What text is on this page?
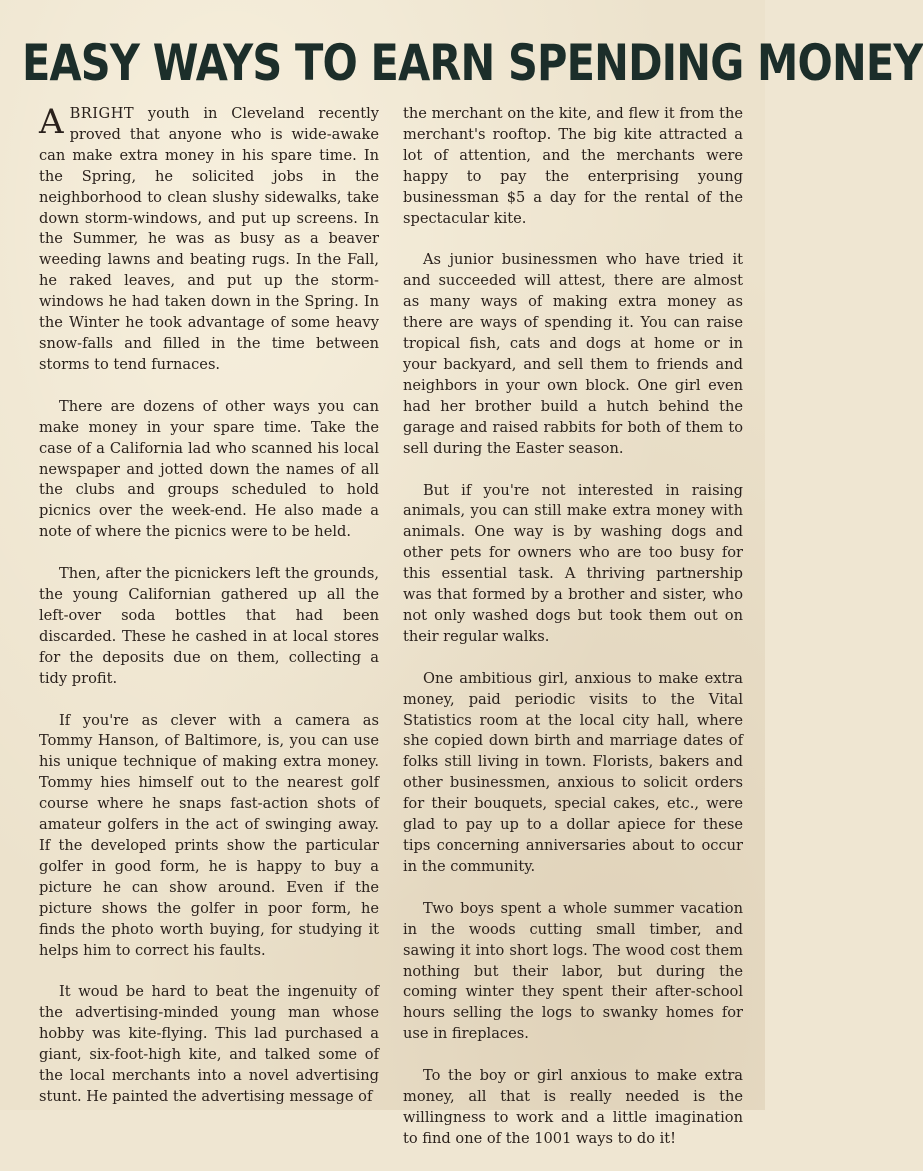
EASY WAYS TO EARN SPENDING MONEY

ABRIGHT youth in Cleveland recently proved that anyone who is wide-awake can make extra money in his spare time. In the Spring, he solicited jobs in the neighborhood to clean slushy sidewalks, take down storm-windows, and put up screens. In the Summer, he was as busy as a beaver weeding lawns and beating rugs. In the Fall, he raked leaves, and put up the storm-windows he had taken down in the Spring. In the Winter he took advantage of some heavy snow-falls and filled in the time between storms to tend furnaces.

There are dozens of other ways you can make money in your spare time. Take the case of a California lad who scanned his local newspaper and jotted down the names of all the clubs and groups scheduled to hold picnics over the week-end. He also made a note of where the picnics were to be held.

Then, after the picnickers left the grounds, the young Californian gathered up all the left-over soda bottles that had been discarded. These he cashed in at local stores for the deposits due on them, collecting a tidy profit.

If you're as clever with a camera as Tommy Hanson, of Baltimore, is, you can use his unique technique of making extra money. Tommy hies himself out to the nearest golf course where he snaps fast-action shots of amateur golfers in the act of swinging away. If the developed prints show the particular golfer in good form, he is happy to buy a picture he can show around. Even if the picture shows the golfer in poor form, he finds the photo worth buying, for studying it helps him to correct his faults.

It woud be hard to beat the ingenuity of the advertising-minded young man whose hobby was kite-flying. This lad purchased a giant, six-foot-high kite, and talked some of the local merchants into a novel advertising stunt. He painted the advertising message of

the merchant on the kite, and flew it from the merchant's rooftop. The big kite attracted a lot of attention, and the merchants were happy to pay the enterprising young businessman $5 a day for the rental of the spectacular kite.

As junior businessmen who have tried it and succeeded will attest, there are almost as many ways of making extra money as there are ways of spending it. You can raise tropical fish, cats and dogs at home or in your backyard, and sell them to friends and neighbors in your own block. One girl even had her brother build a hutch behind the garage and raised rabbits for both of them to sell during the Easter season.

But if you're not interested in raising animals, you can still make extra money with animals. One way is by washing dogs and other pets for owners who are too busy for this essential task. A thriving partnership was that formed by a brother and sister, who not only washed dogs but took them out on their regular walks.

One ambitious girl, anxious to make extra money, paid periodic visits to the Vital Statistics room at the local city hall, where she copied down birth and marriage dates of folks still living in town. Florists, bakers and other businessmen, anxious to solicit orders for their bouquets, special cakes, etc., were glad to pay up to a dollar apiece for these tips concerning anniversaries about to occur in the community.

Two boys spent a whole summer vacation in the woods cutting small timber, and sawing it into short logs. The wood cost them nothing but their labor, but during the coming winter they spent their after-school hours selling the logs to swanky homes for use in fireplaces.

To the boy or girl anxious to make extra money, all that is really needed is the willingness to work and a little imagination to find one of the 1001 ways to do it!
